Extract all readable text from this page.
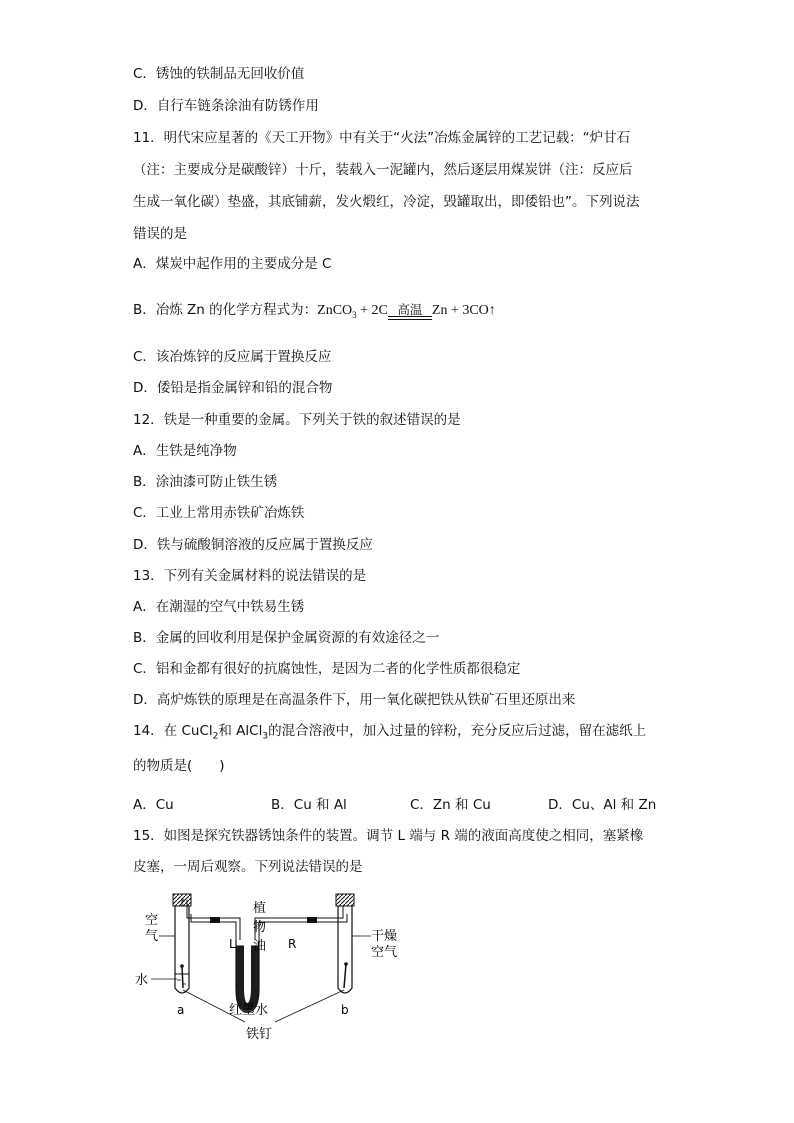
C．锈蚀的铁制品无回收价值
D．自行车链条涂油有防锈作用
11．明代宋应星著的《天工开物》中有关于“火法”冶炼金属锌的工艺记载：“炉甘石
（注：主要成分是碳酸锌）十斤，装载入一泥罐内，然后逐层用煤炭饼（注：反应后
生成一氧化碳）垫盛，其底铺薪，发火煅红，冷淀，毁罐取出，即倭铅也”。下列说法
错误的是
A．煤炭中起作用的主要成分是 C
B．冶炼 Zn 的化学方程式为：ZnCO$_3$ + 2C 高温 Zn + 3CO↑
C．该冶炼锌的反应属于置换反应
D．倭铅是指金属锌和铅的混合物
12．铁是一种重要的金属。下列关于铁的叙述错误的是
A．生铁是纯净物
B．涂油漆可防止铁生锈
C．工业上常用赤铁矿冶炼铁
D．铁与硫酸铜溶液的反应属于置换反应
13．下列有关金属材料的说法错误的是
A．在潮湿的空气中铁易生锈
B．金属的回收利用是保护金属资源的有效途径之一
C．铝和金都有很好的抗腐蚀性，是因为二者的化学性质都很稳定
D．高炉炼铁的原理是在高温条件下，用一氧化碳把铁从铁矿石里还原出来
14．在 CuCl$_2$和 AlCl$_3$的混合溶液中，加入过量的锌粉，充分反应后过滤，留在滤纸上
的物质是(　　)
A．Cu	B．Cu 和 Al	C．Zn 和 Cu	D．Cu、Al 和 Zn
15．如图是探究铁器锈蚀条件的装置。调节 L 端与 R 端的液面高度使之相同，塞紧橡
皮塞，一周后观察。下列说法错误的是
空
气
水
a	b
植
物
油
L	R	干燥
空气
红墨水
铁钉
